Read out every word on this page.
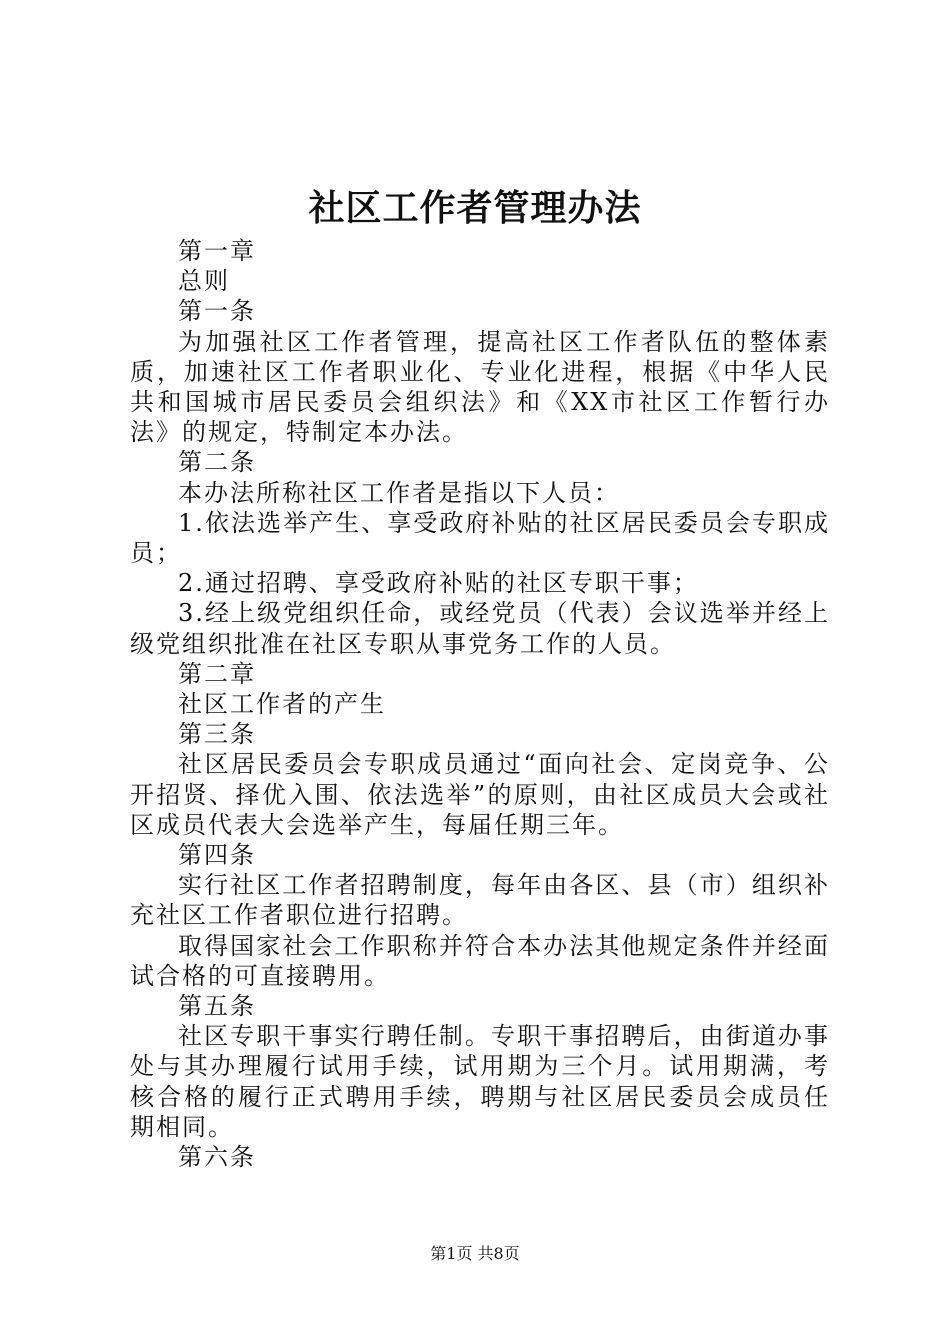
社区工作者管理办法

第一章

总则

第一条

为加强社区工作者管理，提高社区工作者队伍的整体素质，加速社区工作者职业化、专业化进程，根据《中华人民共和国城市居民委员会组织法》和《XX市社区工作暂行办法》的规定，特制定本办法。

第二条

本办法所称社区工作者是指以下人员：

1.依法选举产生、享受政府补贴的社区居民委员会专职成员；

2.通过招聘、享受政府补贴的社区专职干事；

3.经上级党组织任命，或经党员（代表）会议选举并经上级党组织批准在社区专职从事党务工作的人员。

第二章

社区工作者的产生

第三条

社区居民委员会专职成员通过“面向社会、定岗竞争、公开招贤、择优入围、依法选举”的原则，由社区成员大会或社区成员代表大会选举产生，每届任期三年。

第四条

实行社区工作者招聘制度，每年由各区、县（市）组织补充社区工作者职位进行招聘。

取得国家社会工作职称并符合本办法其他规定条件并经面试合格的可直接聘用。

第五条

社区专职干事实行聘任制。专职干事招聘后，由街道办事处与其办理履行试用手续，试用期为三个月。试用期满，考核合格的履行正式聘用手续，聘期与社区居民委员会成员任期相同。

第六条

第1页 共8页
